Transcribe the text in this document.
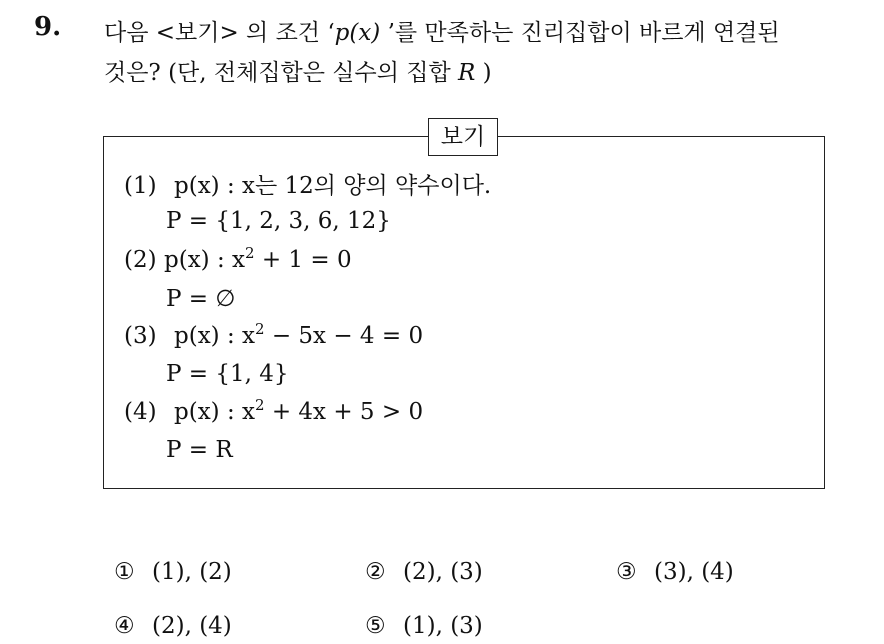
9. 다음 <보기> 의 조건 ‘p(x) ’를 만족하는 진리집합이 바르게 연결된
것은? (단, 전체집합은 실수의 집합 R )
보기
(1) p(x) : x는 12의 양의 약수이다.
P = {1, 2, 3, 6, 12}
(2) p(x) : $x^2 + 1 = 0$
P = ∅
(3) p(x) : $x^2 - 5x - 4 = 0$
P = {1, 4}
(4) p(x) : $x^2 + 4x + 5 > 0$
P = R
① (1), (2)	② (2), (3)	③ (3), (4)
④ (2), (4)	⑤ (1), (3)
